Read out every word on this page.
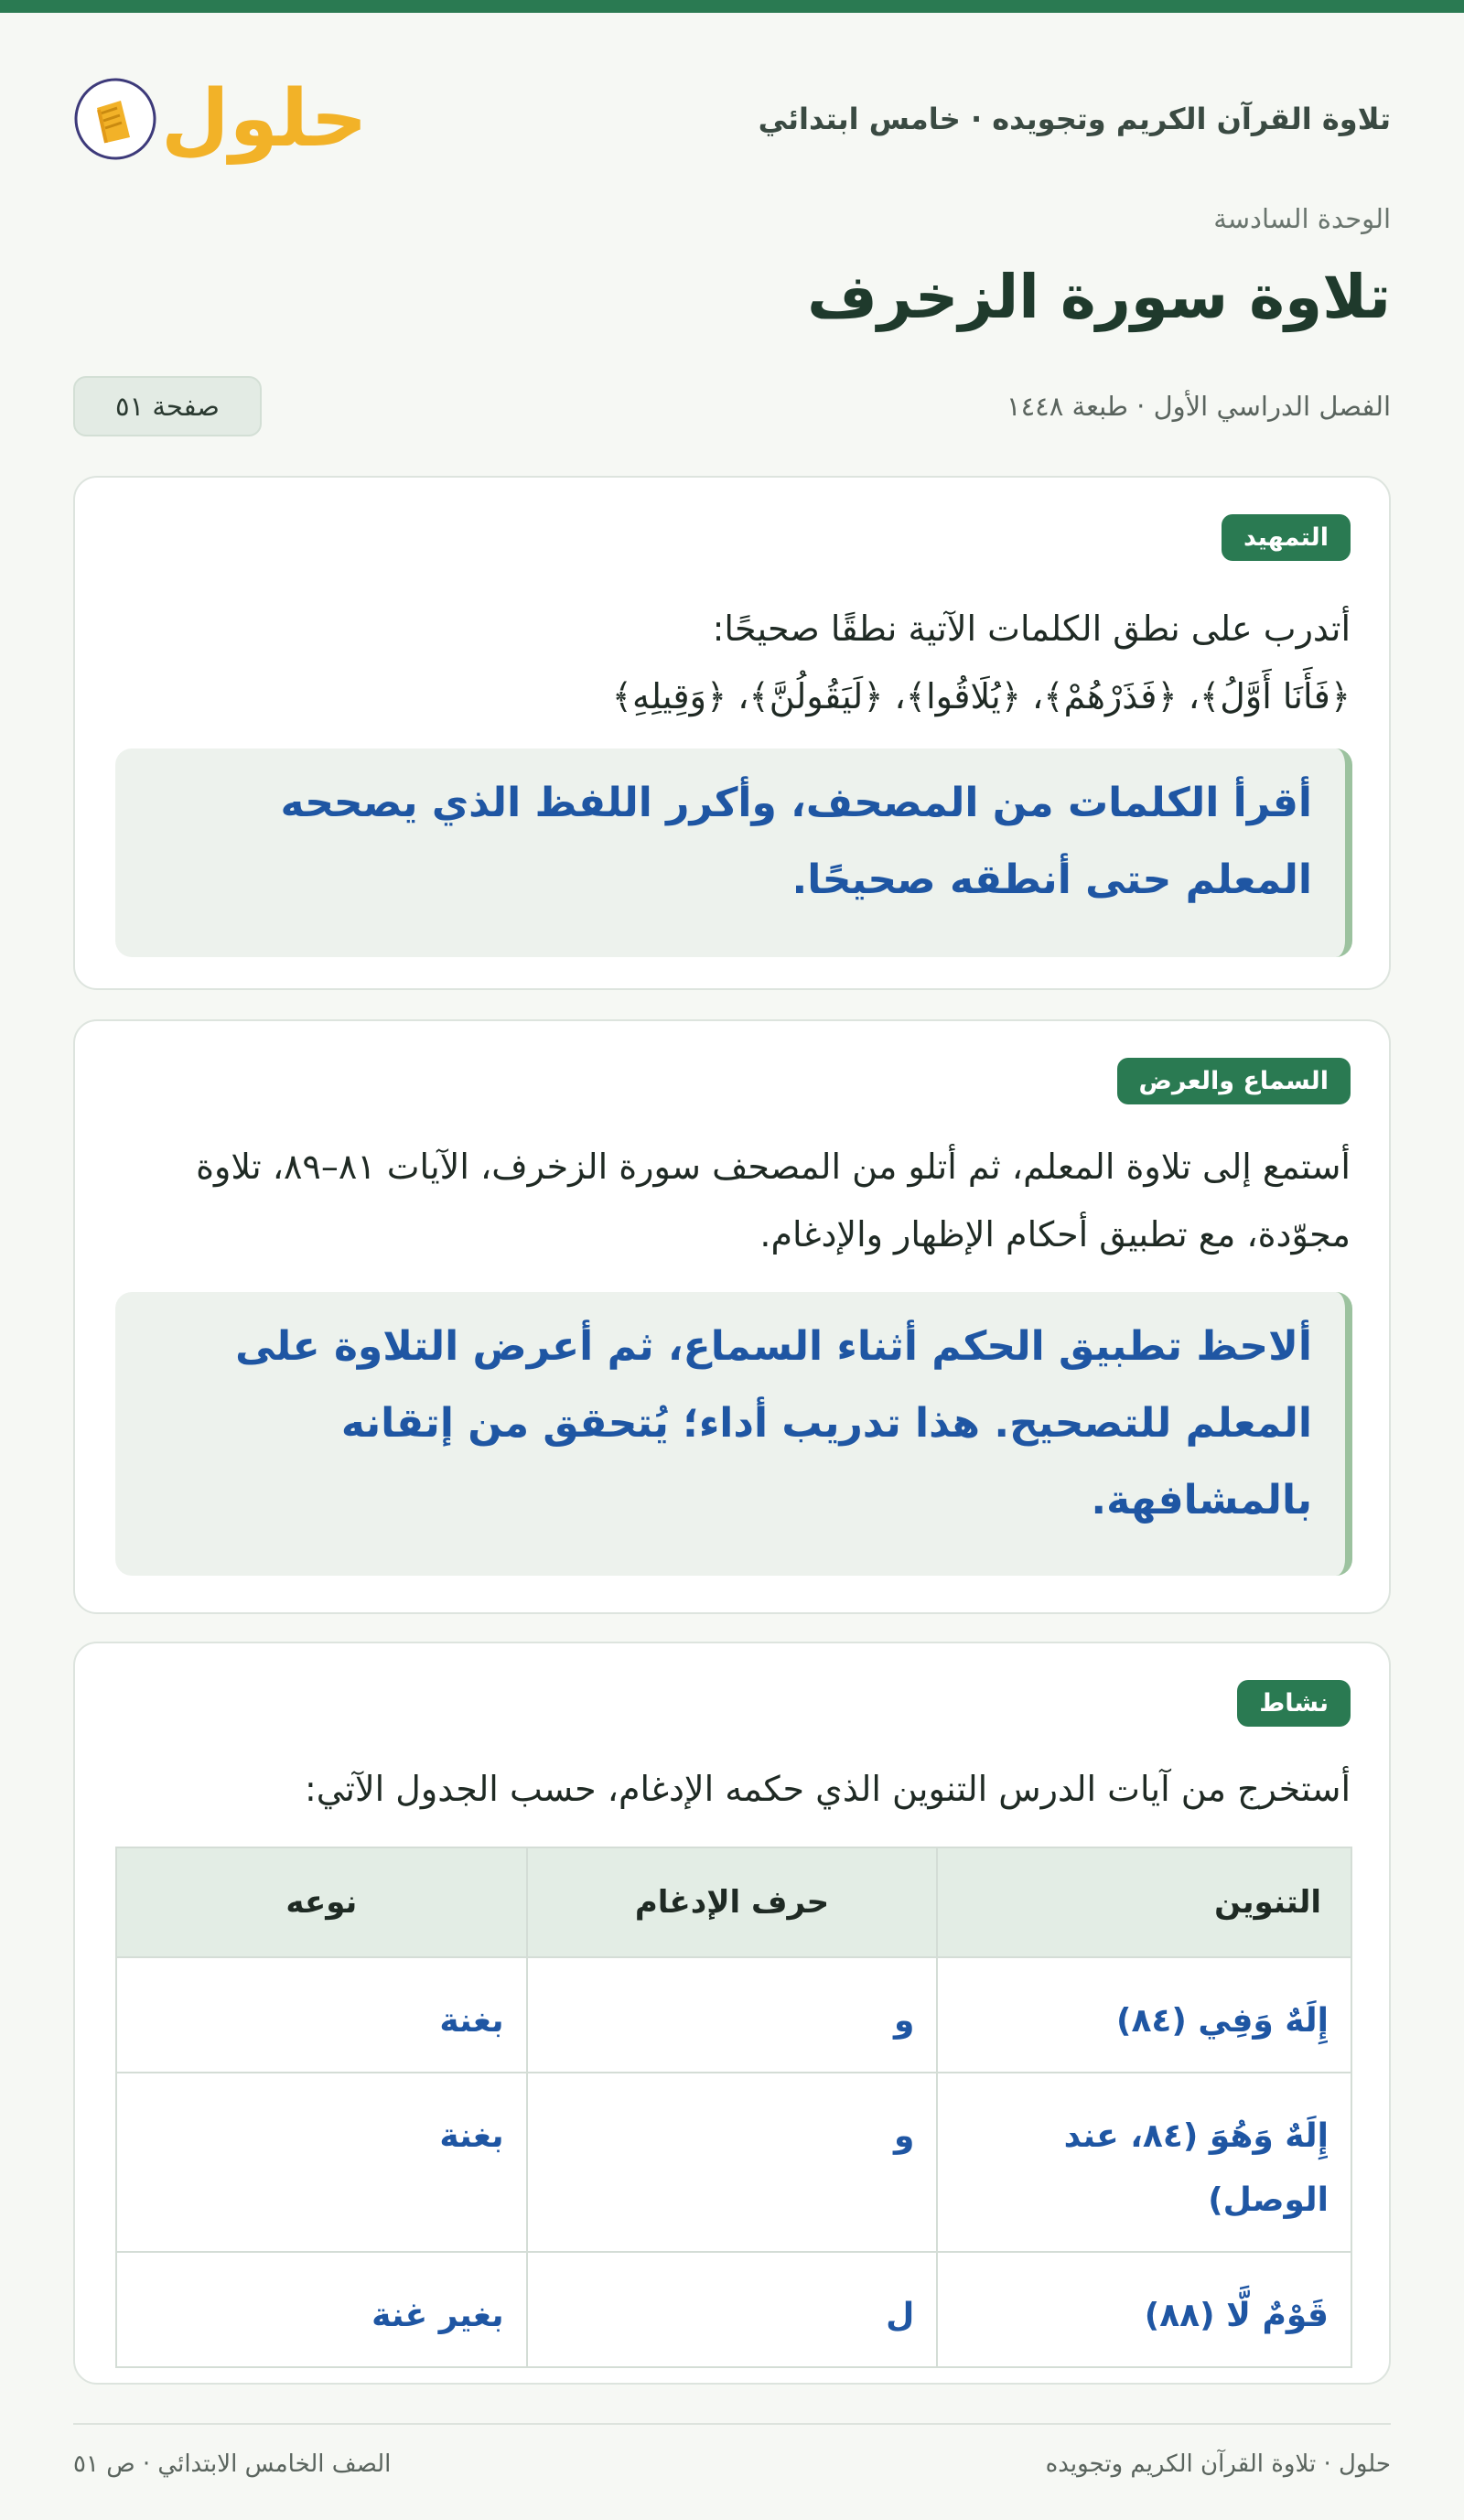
تلاوة القرآن الكريم وتجويده · خامس ابتدائي
حلول
الوحدة السادسة
تلاوة سورة الزخرف
الفصل الدراسي الأول · طبعة ١٤٤٨
صفحة ٥١
التمهيد
أتدرب على نطق الكلمات الآتية نطقًا صحيحًا:
﴿فَأَنَا أَوَّلُ﴾، ﴿فَذَرْهُمْ﴾، ﴿يُلَاقُوا﴾، ﴿لَيَقُولُنَّ﴾، ﴿وَقِيلِهِ﴾
أقرأ الكلمات من المصحف، وأكرر اللفظ الذي يصححه المعلم حتى أنطقه صحيحًا.
السماع والعرض
أستمع إلى تلاوة المعلم، ثم أتلو من المصحف سورة الزخرف، الآيات ٨١–٨٩، تلاوة مجوّدة، مع تطبيق أحكام الإظهار والإدغام.
ألاحظ تطبيق الحكم أثناء السماع، ثم أعرض التلاوة على المعلم للتصحيح. هذا تدريب أداء؛ يُتحقق من إتقانه بالمشافهة.
نشاط
أستخرج من آيات الدرس التنوين الذي حكمه الإدغام، حسب الجدول الآتي:
التنوين	حرف الإدغام	نوعه
إِلَهٌ وَفِي (٨٤)	و	بغنة
إِلَهٌ وَهُوَ (٨٤، عند الوصل)	و	بغنة
قَوْمٌ لَّا (٨٨)	ل	بغير غنة
حلول · تلاوة القرآن الكريم وتجويده
الصف الخامس الابتدائي · ص ٥١
